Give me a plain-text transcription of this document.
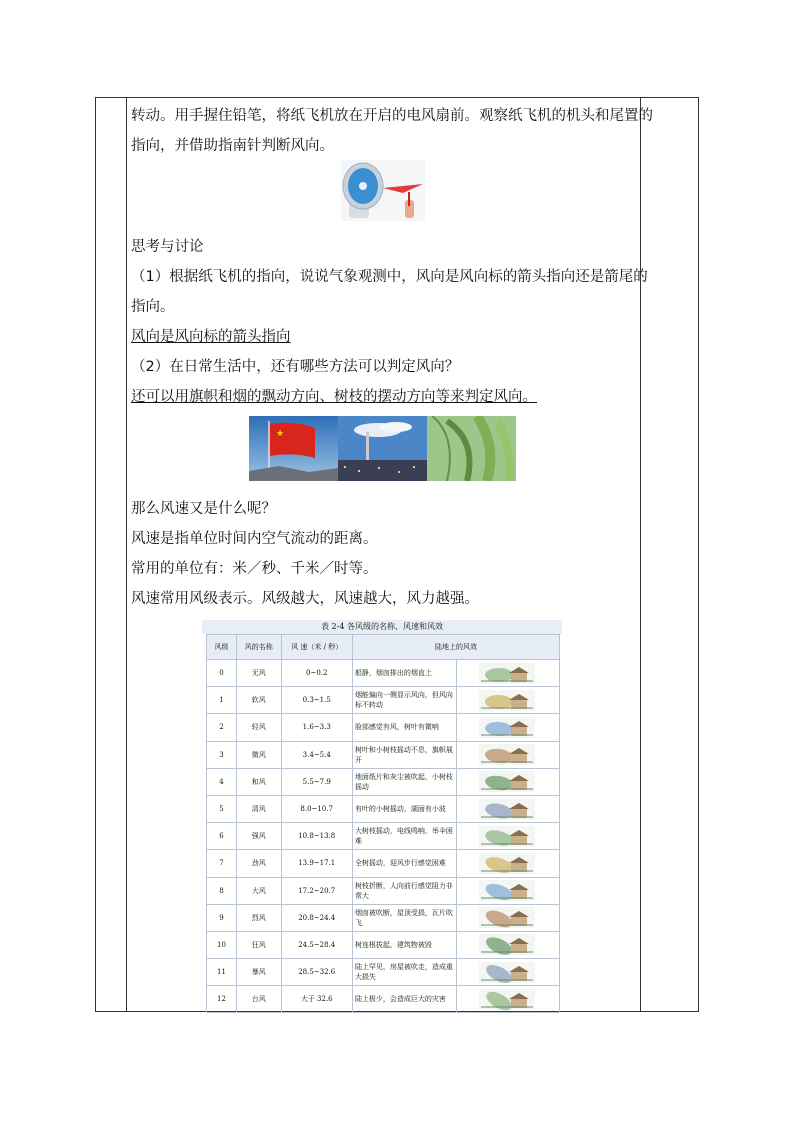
转动。用手握住铅笔，将纸飞机放在开启的电风扇前。观察纸飞机的机头和尾置的

指向，并借助指南针判断风向。

思考与讨论

（1）根据纸飞机的指向，说说气象观测中，风向是风向标的箭头指向还是箭尾的

指向。

风向是风向标的箭头指向

（2）在日常生活中，还有哪些方法可以判定风向？

还可以用旗帜和烟的飘动方向、树枝的摆动方向等来判定风向。

★

那么风速又是什么呢？

风速是指单位时间内空气流动的距离。

常用的单位有：米／秒、千米／时等。

风速常用风级表示。风级越大，风速越大，风力越强。

表 2-4 各风级的名称、风速和风效
风级	风的名称	风 速（米 / 秒）	陆地上的风效	
0	无风	0~0.2	船静，烟囱排出的烟直上	

1	软风	0.3~1.5	烟能偏向一侧显示风向，但风向标不转动	

2	轻风	1.6~3.3	脸部感觉有风，树叶有微响	

3	微风	3.4~5.4	树叶和小树枝摇动不息，旗帜展开	

4	和风	5.5~7.9	地面纸片和灰尘被吹起，小树枝摇动	

5	清风	8.0~10.7	有叶的小树摇动，湖面有小波	

6	强风	10.8~13.8	大树枝摇动，电线鸣响，举伞困难	

7	劲风	13.9~17.1	全树摇动，迎风步行感觉困难	

8	大风	17.2~20.7	树枝折断，人向前行感觉阻力非常大	

9	烈风	20.8~24.4	烟囱被吹断，屋顶受损，瓦片吹飞	

10	狂风	24.5~28.4	树连根拔起，建筑物被毁	

11	暴风	28.5~32.6	陆上罕见，房屋被吹走，造成重大损失	

12	台风	大于 32.6	陆上极少，会造成巨大的灾害	
